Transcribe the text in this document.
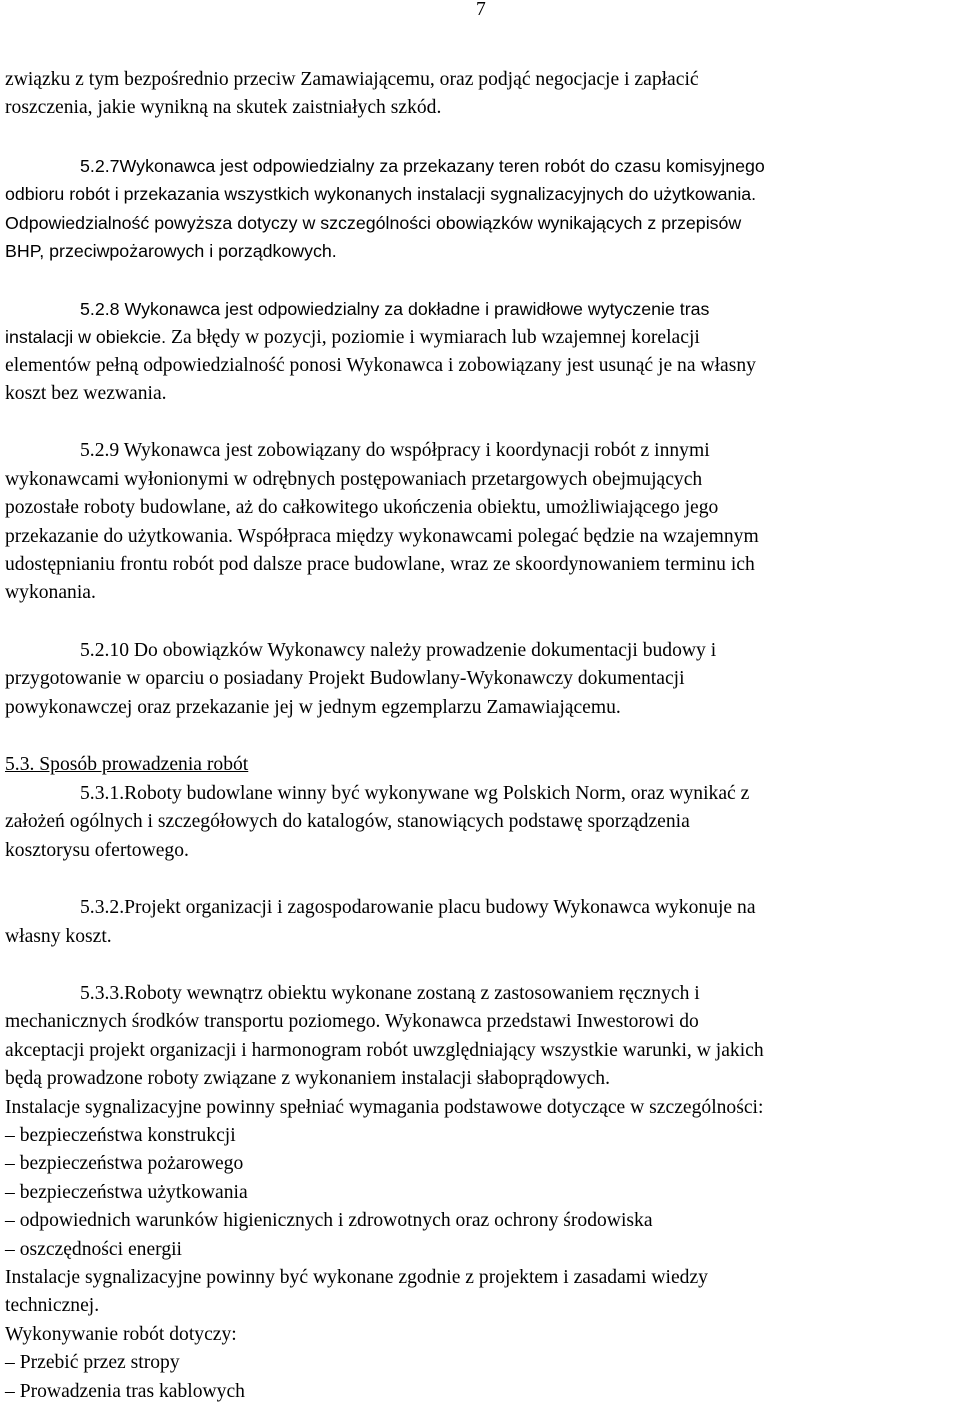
7
związku z tym bezpośrednio przeciw Zamawiającemu, oraz podjąć negocjacje i zapłacić
roszczenia, jakie wynikną na skutek zaistniałych szkód.
5.2.7Wykonawca jest odpowiedzialny za przekazany teren robót do czasu komisyjnego
odbioru robót i przekazania wszystkich wykonanych instalacji sygnalizacyjnych do użytkowania.
Odpowiedzialność powyższa dotyczy w szczególności obowiązków wynikających z przepisów
BHP, przeciwpożarowych i porządkowych.
5.2.8 Wykonawca jest odpowiedzialny za dokładne i prawidłowe wytyczenie tras
instalacji w obiekcie. Za błędy w pozycji, poziomie i wymiarach lub wzajemnej korelacji
elementów pełną odpowiedzialność ponosi Wykonawca i zobowiązany jest usunąć je na własny
koszt bez wezwania.
5.2.9 Wykonawca jest zobowiązany do współpracy i koordynacji robót z innymi
wykonawcami wyłonionymi w odrębnych postępowaniach przetargowych obejmujących
pozostałe roboty budowlane, aż do całkowitego ukończenia obiektu, umożliwiającego jego
przekazanie do użytkowania. Współpraca między wykonawcami polegać będzie na wzajemnym
udostępnianiu frontu robót pod dalsze prace budowlane, wraz ze skoordynowaniem terminu ich
wykonania.
5.2.10 Do obowiązków Wykonawcy należy prowadzenie dokumentacji budowy i
przygotowanie w oparciu o posiadany Projekt Budowlany-Wykonawczy dokumentacji
powykonawczej oraz przekazanie jej w jednym egzemplarzu Zamawiającemu.
5.3. Sposób prowadzenia robót
5.3.1.Roboty budowlane winny być wykonywane wg Polskich Norm, oraz wynikać z
założeń ogólnych i szczegółowych do katalogów, stanowiących podstawę sporządzenia
kosztorysu ofertowego.
5.3.2.Projekt organizacji i zagospodarowanie placu budowy Wykonawca wykonuje na
własny koszt.
5.3.3.Roboty wewnątrz obiektu wykonane zostaną z zastosowaniem ręcznych i
mechanicznych środków transportu poziomego. Wykonawca przedstawi Inwestorowi do
akceptacji projekt organizacji i harmonogram robót uwzględniający wszystkie warunki, w jakich
będą prowadzone roboty związane z wykonaniem instalacji słaboprądowych.
Instalacje sygnalizacyjne powinny spełniać wymagania podstawowe dotyczące w szczególności:
– bezpieczeństwa konstrukcji
– bezpieczeństwa pożarowego
– bezpieczeństwa użytkowania
– odpowiednich warunków higienicznych i zdrowotnych oraz ochrony środowiska
– oszczędności energii
Instalacje sygnalizacyjne powinny być wykonane zgodnie z projektem i zasadami wiedzy
technicznej.
Wykonywanie robót dotyczy:
– Przebić przez stropy
– Prowadzenia tras kablowych
